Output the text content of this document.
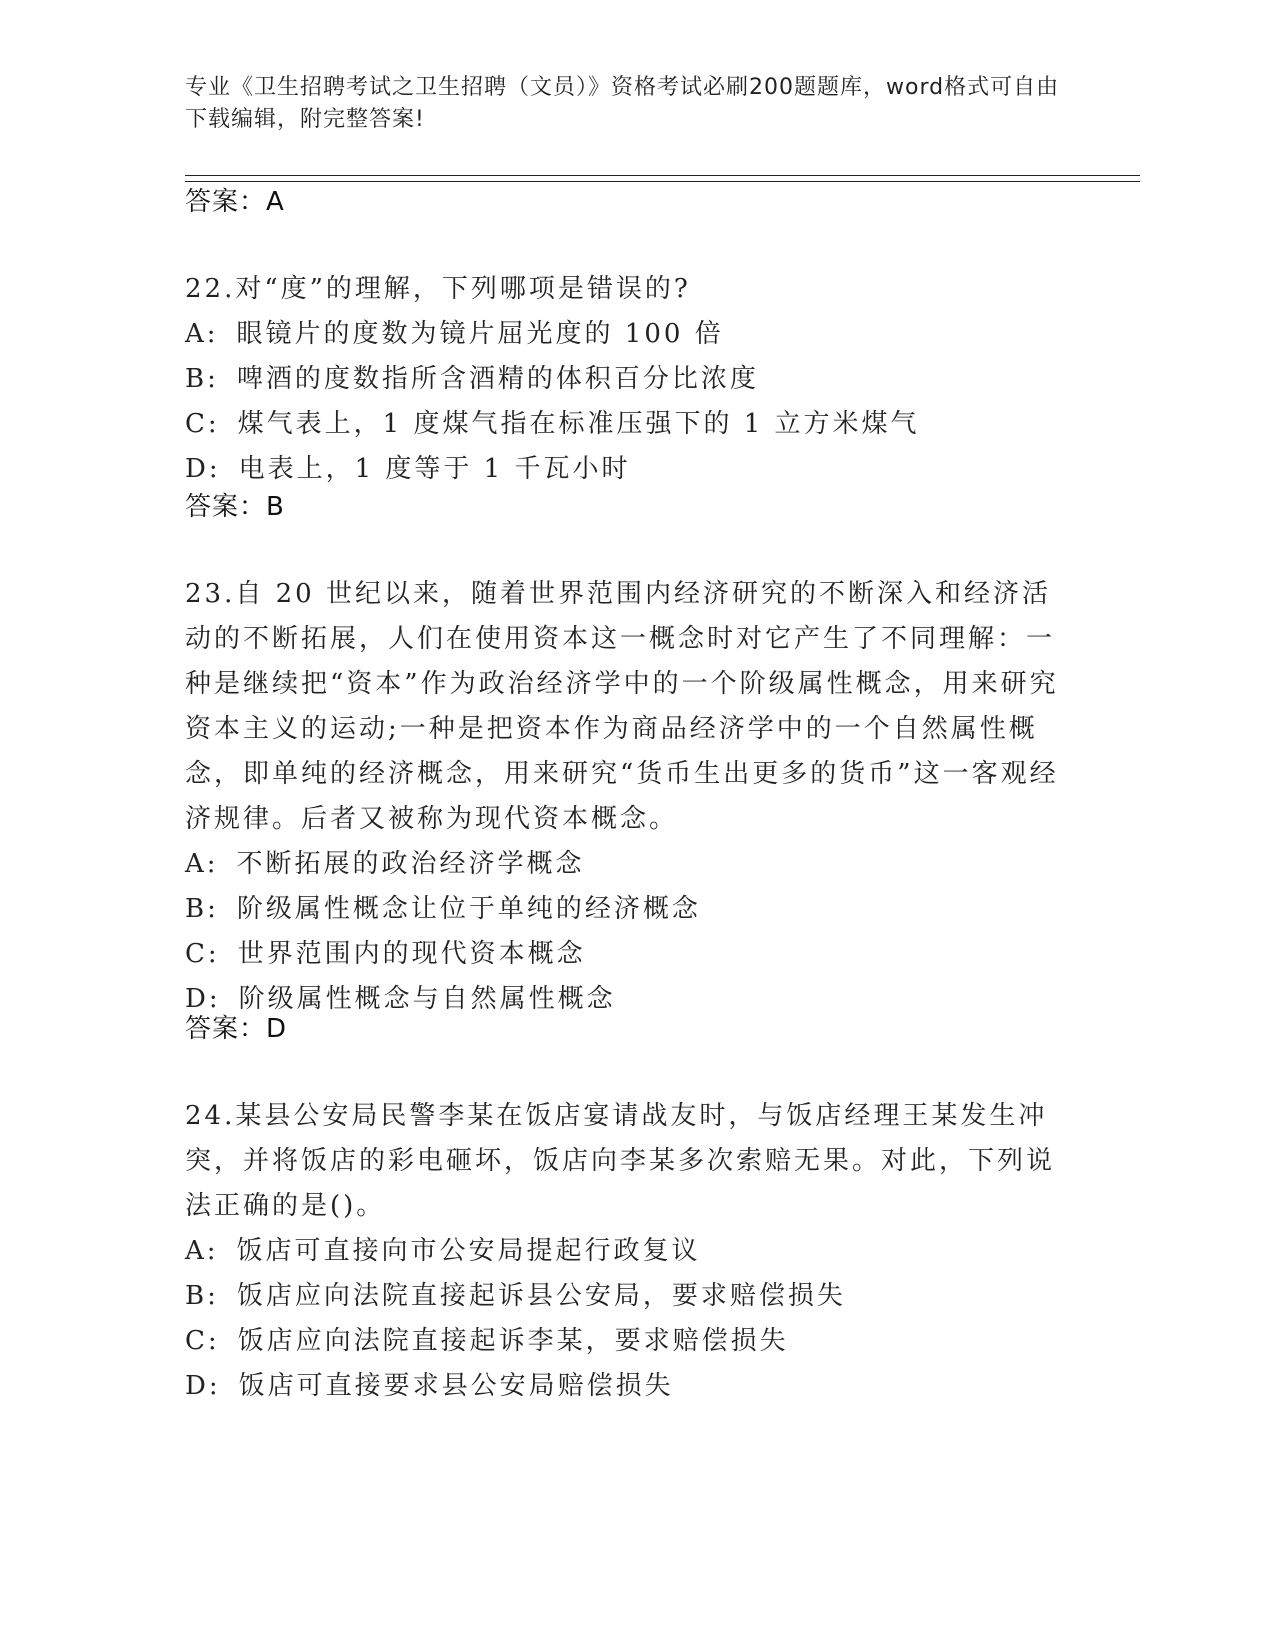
专业《卫生招聘考试之卫生招聘（文员）》资格考试必刷200题题库，word格式可自由下载编辑，附完整答案!
答案：A

22.对“度”的理解，下列哪项是错误的?

A: 眼镜片的度数为镜片屈光度的 100 倍

B: 啤酒的度数指所含酒精的体积百分比浓度

C: 煤气表上，1 度煤气指在标准压强下的 1 立方米煤气

D: 电表上，1 度等于 1 千瓦小时

答案：B

23.自 20 世纪以来，随着世界范围内经济研究的不断深入和经济活动的不断拓展，人们在使用资本这一概念时对它产生了不同理解：一种是继续把“资本”作为政治经济学中的一个阶级属性概念，用来研究资本主义的运动;一种是把资本作为商品经济学中的一个自然属性概念，即单纯的经济概念，用来研究“货币生出更多的货币”这一客观经济规律。后者又被称为现代资本概念。

A: 不断拓展的政治经济学概念

B: 阶级属性概念让位于单纯的经济概念

C: 世界范围内的现代资本概念

D: 阶级属性概念与自然属性概念

答案：D

24.某县公安局民警李某在饭店宴请战友时，与饭店经理王某发生冲突，并将饭店的彩电砸坏，饭店向李某多次索赔无果。对此，下列说法正确的是()。

A: 饭店可直接向市公安局提起行政复议

B: 饭店应向法院直接起诉县公安局，要求赔偿损失

C: 饭店应向法院直接起诉李某，要求赔偿损失

D: 饭店可直接要求县公安局赔偿损失
